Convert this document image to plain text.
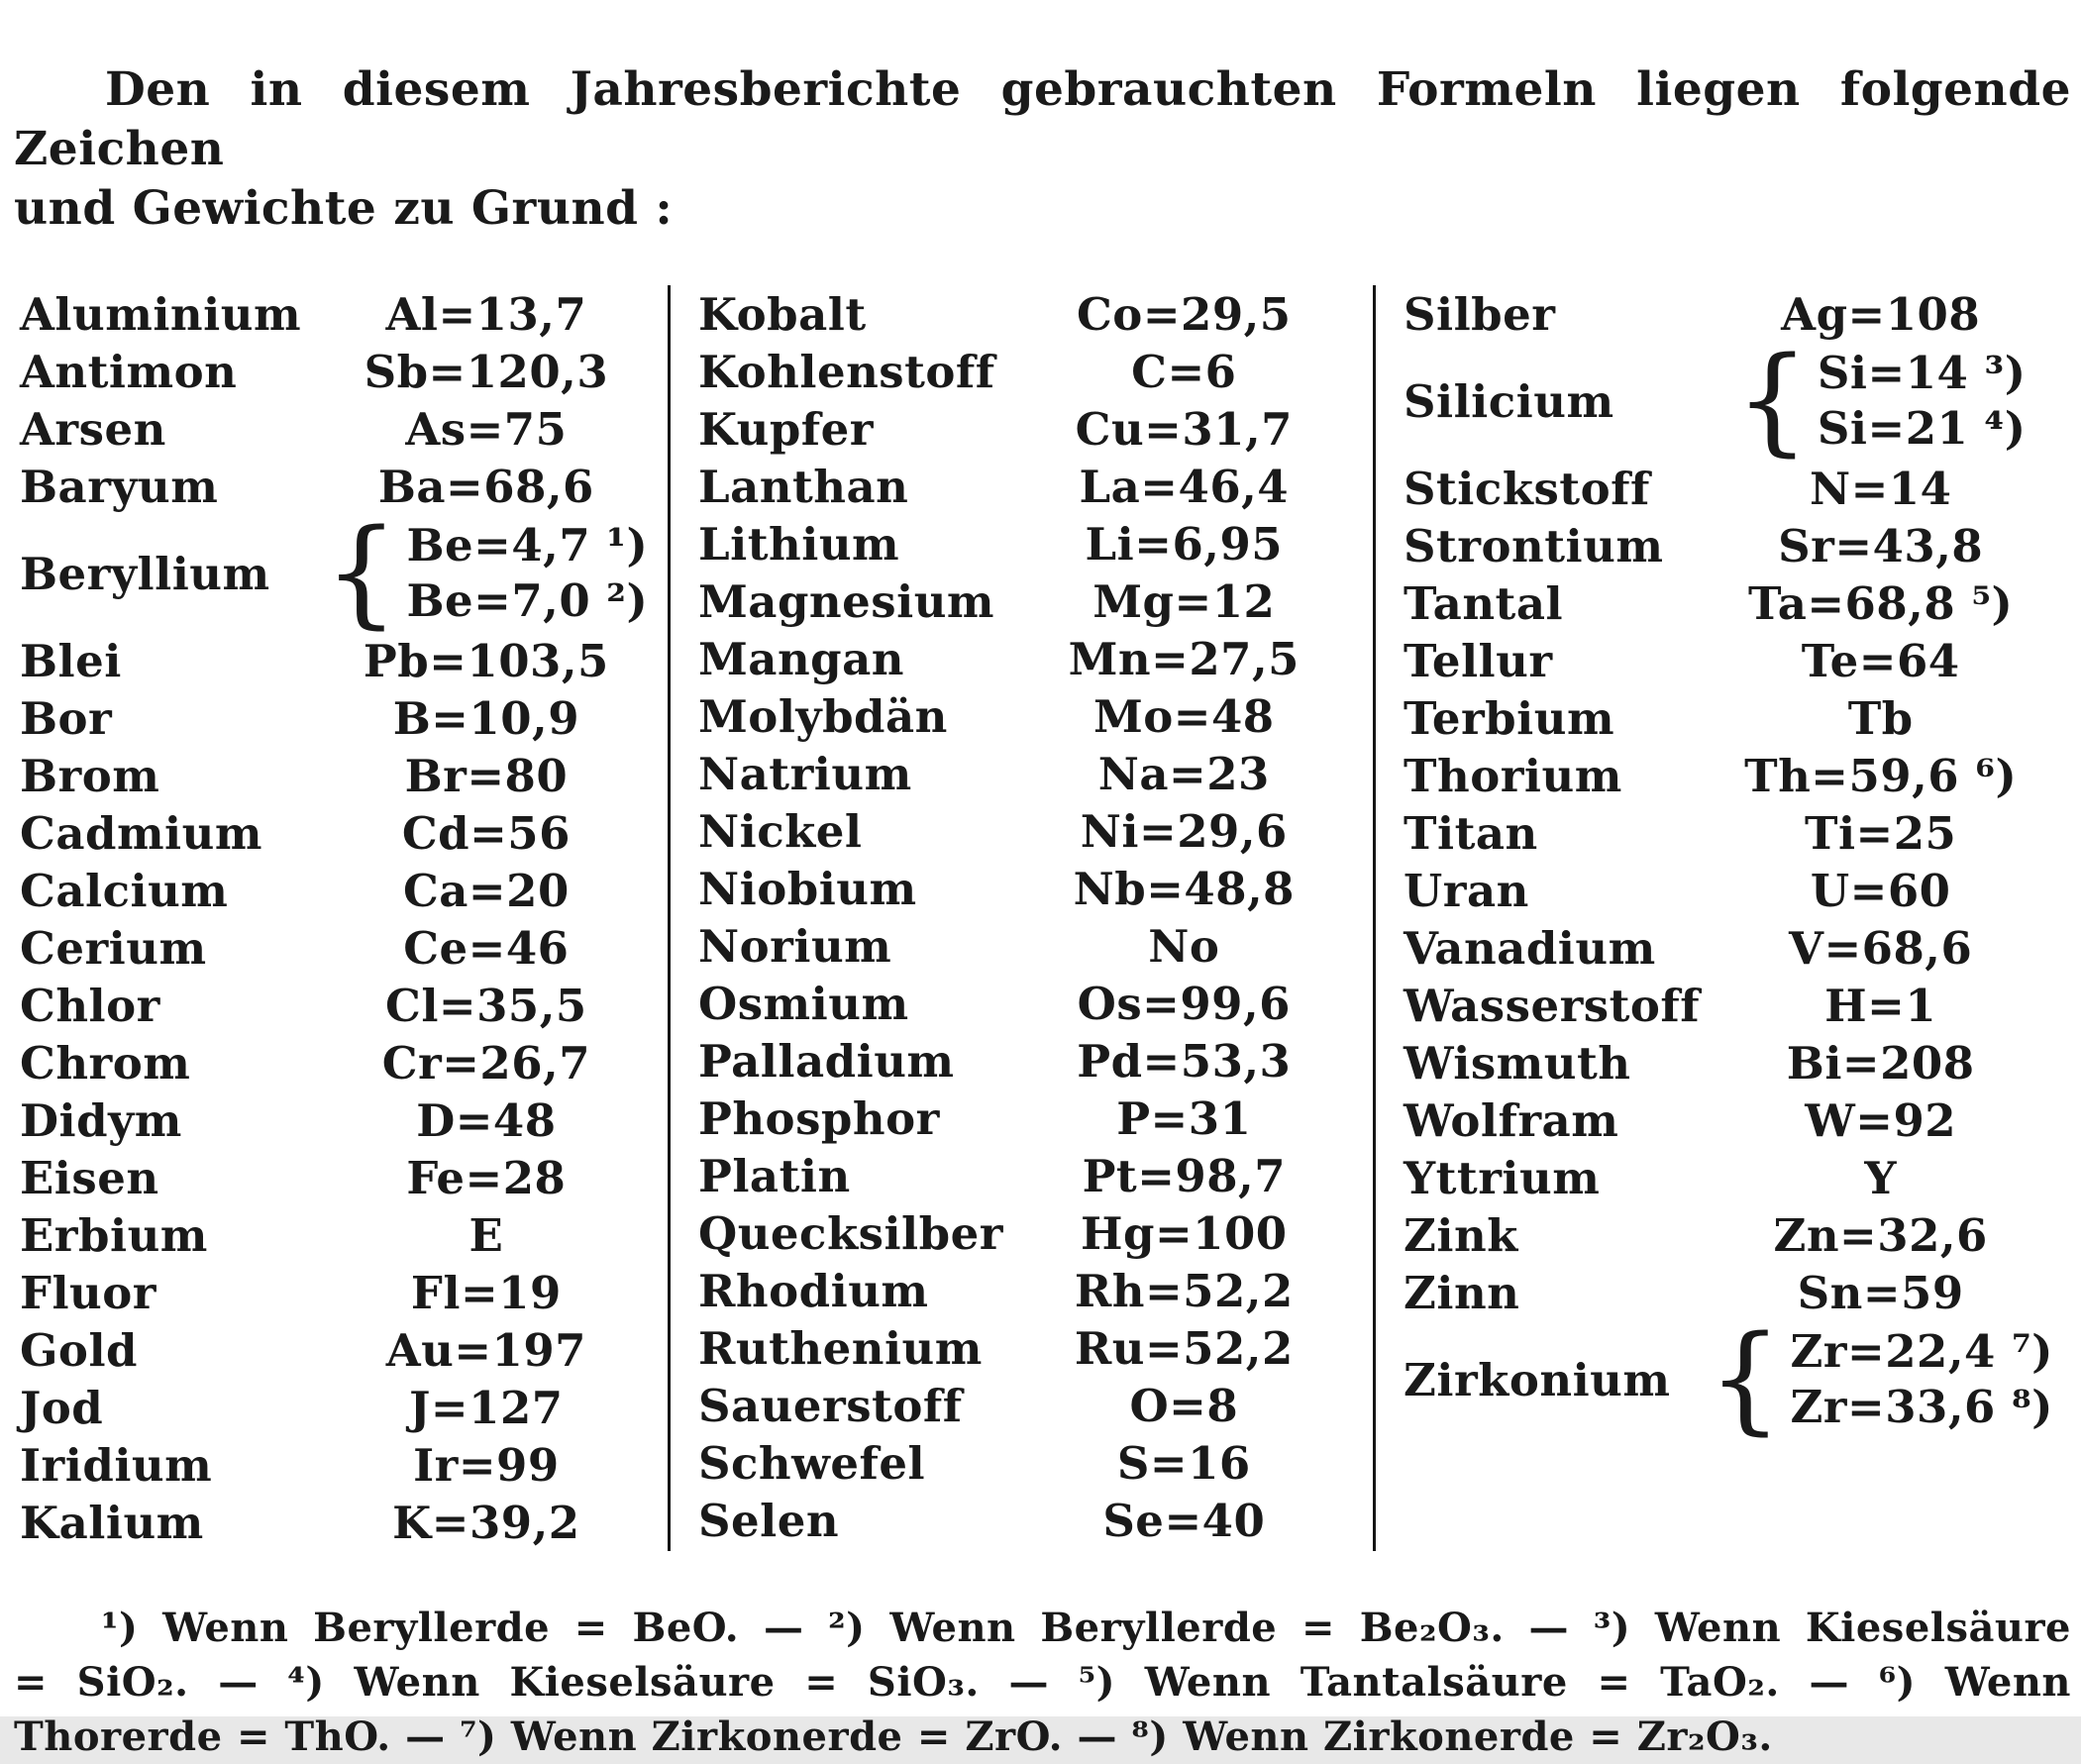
Den in diesem Jahresberichte gebrauchten Formeln liegen folgende Zeichen
und Gewichte zu Grund :

Aluminium Al=13,7
Antimon	Sb=120,3
Arsen	As=75
Baryum	Ba=68,6
Beryllium { Be=4,7 ¹)
Be=7,0 ²)
Blei	Pb=103,5
Bor	B=10,9
Brom	Br=80
Cadmium	Cd=56
Calcium	Ca=20
Cerium	Ce=46
Chlor	Cl=35,5
Chrom	Cr=26,7
Didym	D=48
Eisen	Fe=28
Erbium	E
Fluor	Fl=19
Gold	Au=197
Jod	J=127
Iridium	Ir=99
Kalium	K=39,2
Kobalt	Co=29,5
Kohlenstoff	C=6
Kupfer	Cu=31,7
Lanthan	La=46,4
Lithium	Li=6,95
Magnesium Mg=12
Mangan	Mn=27,5
Molybdän	Mo=48
Natrium	Na=23
Nickel	Ni=29,6
Niobium	Nb=48,8
Norium	No
Osmium	Os=99,6
Palladium	Pd=53,3
Phosphor	P=31
Platin	Pt=98,7
Quecksilber Hg=100
Rhodium	Rh=52,2
Ruthenium Ru=52,2
Sauerstoff	O=8
Schwefel	S=16
Selen	Se=40
Silber	Ag=108
Silicium	{ Si=14 ³)
Si=21 ⁴)
Stickstoff	N=14
Strontium	Sr=43,8
Tantal	Ta=68,8 ⁵)
Tellur	Te=64
Terbium	Tb
Thorium	Th=59,6 ⁶)
Titan	Ti=25
Uran	U=60
Vanadium	V=68,6
Wasserstoff	H=1
Wismuth	Bi=208
Wolfram	W=92
Yttrium	Y
Zink	Zn=32,6
Zinn	Sn=59
Zirkonium { Zr=22,4 ⁷)
Zr=33,6 ⁸)

¹) Wenn Beryllerde = BeO. — ²) Wenn Beryllerde = Be₂O₃. — ³) Wenn Kieselsäure
= SiO₂. — ⁴) Wenn Kieselsäure = SiO₃. — ⁵) Wenn Tantalsäure = TaO₂. — ⁶) Wenn
Thorerde = ThO. — ⁷) Wenn Zirkonerde = ZrO. — ⁸) Wenn Zirkonerde = Zr₂O₃.
